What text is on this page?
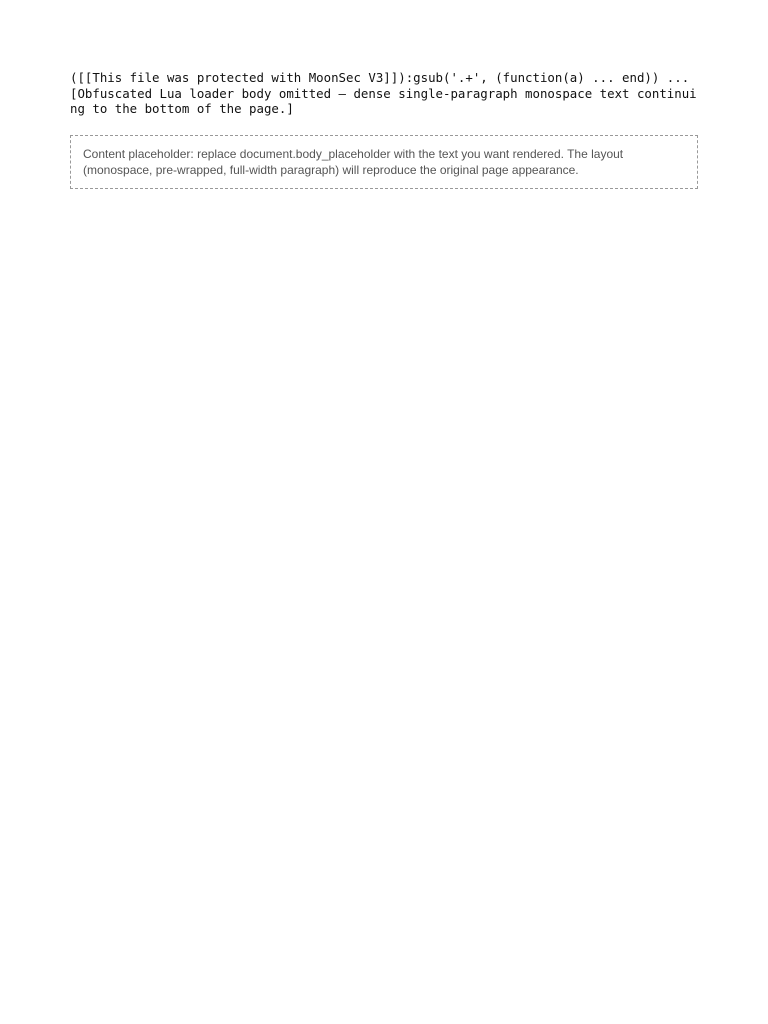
([[This file was protected with MoonSec V3]]):gsub('.+', (function(a) ... end)) ...
[Obfuscated Lua loader body omitted — dense single-paragraph monospace text continuing to the bottom of the page.]
Content placeholder: replace document.body_placeholder with the text you want rendered. The layout (monospace, pre-wrapped, full-width paragraph) will reproduce the original page appearance.
